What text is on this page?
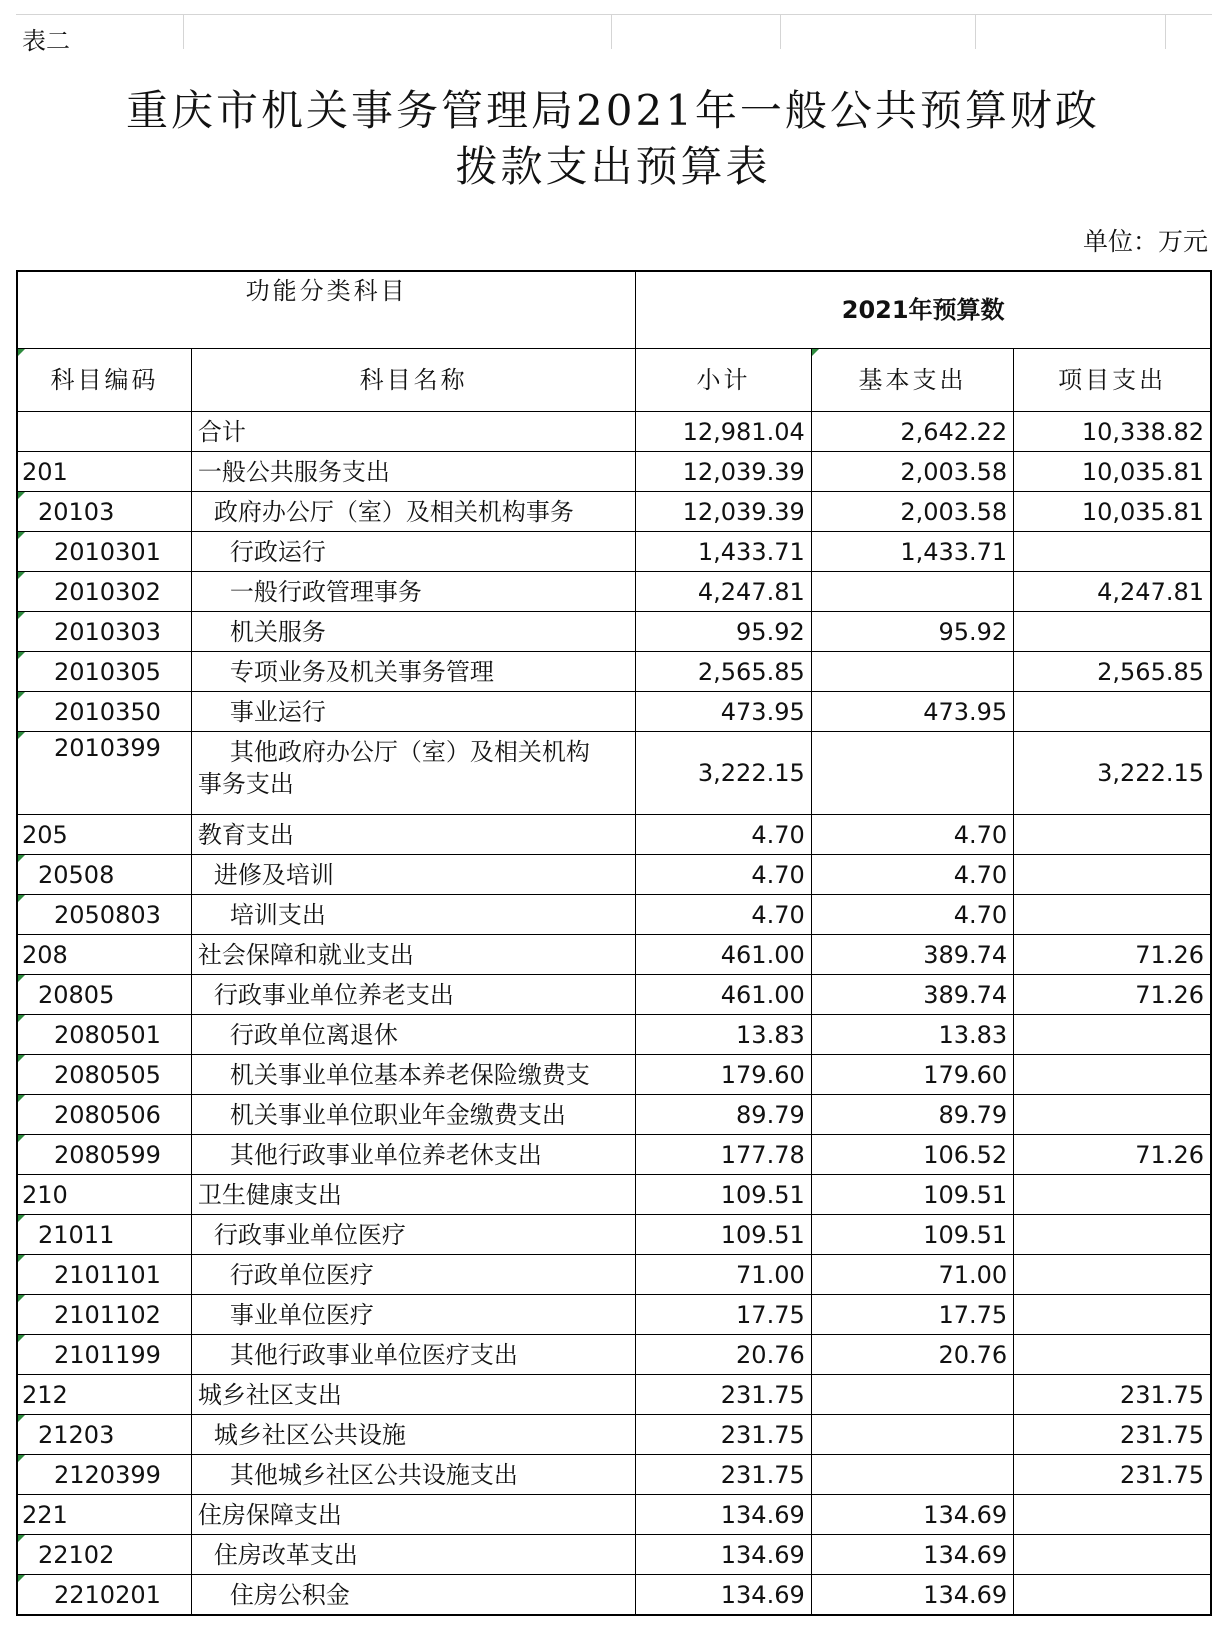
表二
重庆市机关事务管理局2021年一般公共预算财政
拨款支出预算表
单位：万元
功能分类科目		2021年预算数		
科目编码	科目名称	小计	基本支出	项目支出
	合计	12,981.04	2,642.22	10,338.82
201	一般公共服务支出	12,039.39	2,003.58	10,035.81
20103	政府办公厅（室）及相关机构事务	12,039.39	2,003.58	10,035.81
2010301	行政运行	1,433.71	1,433.71	
2010302	一般行政管理事务	4,247.81		4,247.81
2010303	机关服务	95.92	95.92	
2010305	专项业务及机关事务管理	2,565.85		2,565.85
2010350	事业运行	473.95	473.95	
2010399	其他政府办公厅（室）及相关机构
事务支出	3,222.15		3,222.15
205	教育支出	4.70	4.70	
20508	进修及培训	4.70	4.70	
2050803	培训支出	4.70	4.70	
208	社会保障和就业支出	461.00	389.74	71.26
20805	行政事业单位养老支出	461.00	389.74	71.26
2080501	行政单位离退休	13.83	13.83	
2080505	机关事业单位基本养老保险缴费支	179.60	179.60	
2080506	机关事业单位职业年金缴费支出	89.79	89.79	
2080599	其他行政事业单位养老休支出	177.78	106.52	71.26
210	卫生健康支出	109.51	109.51	
21011	行政事业单位医疗	109.51	109.51	
2101101	行政单位医疗	71.00	71.00	
2101102	事业单位医疗	17.75	17.75	
2101199	其他行政事业单位医疗支出	20.76	20.76	
212	城乡社区支出	231.75		231.75
21203	城乡社区公共设施	231.75		231.75
2120399	其他城乡社区公共设施支出	231.75		231.75
221	住房保障支出	134.69	134.69	
22102	住房改革支出	134.69	134.69	
2210201	住房公积金	134.69	134.69	
